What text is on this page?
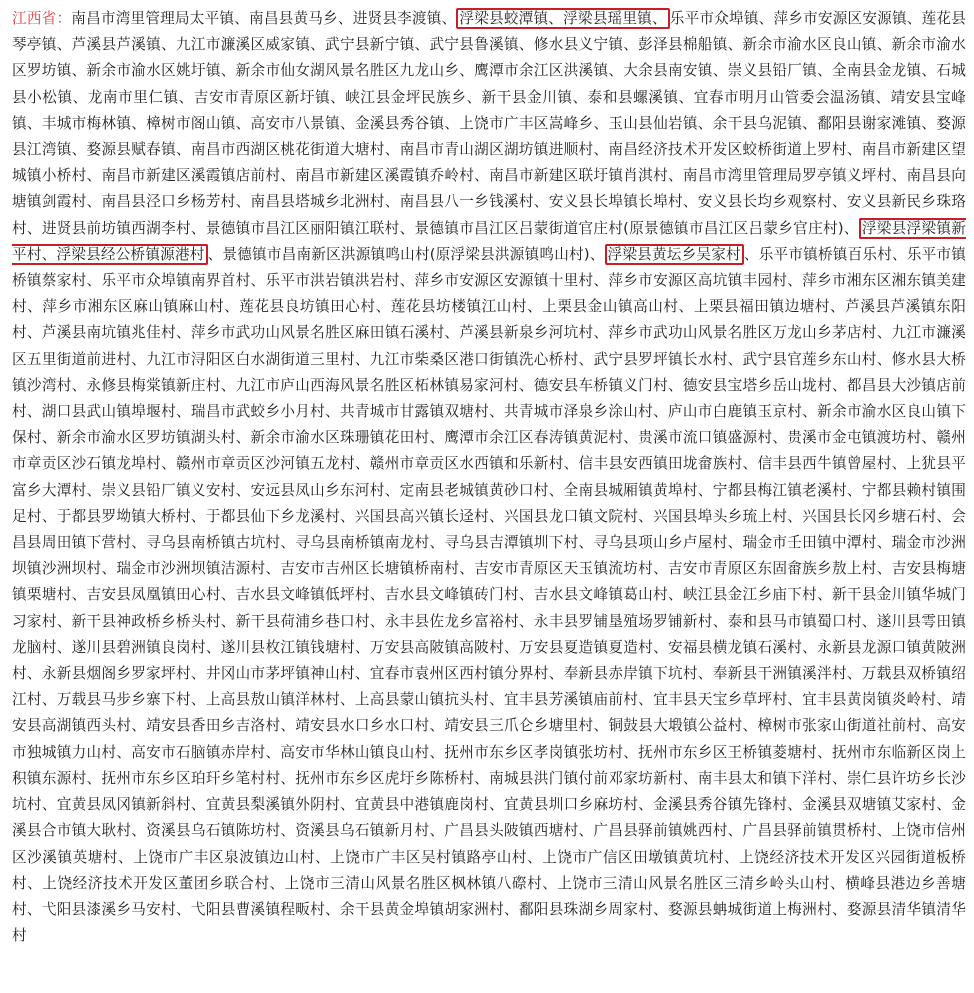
江西省：南昌市湾里管理局太平镇、南昌县黄马乡、进贤县李渡镇、 浮梁县蛟潭镇、浮梁县瑶里镇、 乐平市众埠镇、萍乡市安源区安源镇、莲花县琴亭镇、芦溪县芦溪镇、九江市濂溪区威家镇、武宁县新宁镇、武宁县鲁溪镇、修水县义宁镇、彭泽县棉船镇、新余市渝水区良山镇、新余市渝水区罗坊镇、新余市渝水区姚圩镇、新余市仙女湖风景名胜区九龙山乡、鹰潭市余江区洪溪镇、大余县南安镇、崇义县铅厂镇、全南县金龙镇、石城县小松镇、龙南市里仁镇、吉安市青原区新圩镇、峡江县金坪民族乡、新干县金川镇、泰和县螺溪镇、宜春市明月山管委会温汤镇、靖安县宝峰镇、丰城市梅林镇、樟树市阁山镇、高安市八景镇、金溪县秀谷镇、上饶市广丰区嵩峰乡、玉山县仙岩镇、余干县乌泥镇、鄱阳县谢家滩镇、婺源县江湾镇、婺源县赋春镇、南昌市西湖区桃花街道大塘村、南昌市青山湖区湖坊镇进顺村、南昌经济技术开发区蛟桥街道上罗村、南昌市新建区望城镇小桥村、南昌市新建区溪霞镇店前村、南昌市新建区溪霞镇乔岭村、南昌市新建区联圩镇肖淇村、南昌市湾里管理局罗亭镇义坪村、南昌县向塘镇剑霞村、南昌县泾口乡杨芳村、南昌县塔城乡北洲村、南昌县八一乡钱溪村、安义县长埠镇长埠村、安义县长均乡观察村、安义县新民乡珠珞村、进贤县前坊镇西湖李村、景德镇市昌江区丽阳镇江联村、景德镇市昌江区吕蒙街道官庄村(原景德镇市昌江区吕蒙乡官庄村)、 浮梁县浮梁镇新平村、浮梁县经公桥镇源港村 、景德镇市昌南新区洪源镇鸣山村(原浮梁县洪源镇鸣山村)、 浮梁县黄坛乡吴家村 、乐平市镇桥镇百乐村、乐平市镇桥镇蔡家村、乐平市众埠镇南界首村、乐平市洪岩镇洪岩村、萍乡市安源区安源镇十里村、萍乡市安源区高坑镇丰园村、萍乡市湘东区湘东镇美建村、萍乡市湘东区麻山镇麻山村、莲花县良坊镇田心村、莲花县坊楼镇江山村、上栗县金山镇高山村、上栗县福田镇边塘村、芦溪县芦溪镇东阳村、芦溪县南坑镇兆佳村、萍乡市武功山风景名胜区麻田镇石溪村、芦溪县新泉乡河坑村、萍乡市武功山风景名胜区万龙山乡茅店村、九江市濂溪区五里街道前进村、九江市浔阳区白水湖街道三里村、九江市柴桑区港口街镇洗心桥村、武宁县罗坪镇长水村、武宁县官莲乡东山村、修水县大桥镇沙湾村、永修县梅棠镇新庄村、九江市庐山西海风景名胜区柘林镇易家河村、德安县车桥镇义门村、德安县宝塔乡岳山垅村、都昌县大沙镇店前村、湖口县武山镇埠堰村、瑞昌市武蛟乡小月村、共青城市甘露镇双塘村、共青城市泽泉乡涂山村、庐山市白鹿镇玉京村、新余市渝水区良山镇下保村、新余市渝水区罗坊镇湖头村、新余市渝水区珠珊镇花田村、鹰潭市余江区春涛镇黄泥村、贵溪市流口镇盛源村、贵溪市金屯镇渡坊村、赣州市章贡区沙石镇龙埠村、赣州市章贡区沙河镇五龙村、赣州市章贡区水西镇和乐新村、信丰县安西镇田垅畲族村、信丰县西牛镇曾屋村、上犹县平富乡大潭村、崇义县铅厂镇义安村、安远县凤山乡东河村、定南县老城镇黄砂口村、全南县城厢镇黄埠村、宁都县梅江镇老溪村、宁都县赖村镇围足村、于都县罗坳镇大桥村、于都县仙下乡龙溪村、兴国县高兴镇长迳村、兴国县龙口镇文院村、兴国县埠头乡琉上村、兴国县长冈乡塘石村、会昌县周田镇下营村、寻乌县南桥镇古坑村、寻乌县南桥镇南龙村、寻乌县吉潭镇圳下村、寻乌县项山乡卢屋村、瑞金市壬田镇中潭村、瑞金市沙洲坝镇沙洲坝村、瑞金市沙洲坝镇洁源村、吉安市吉州区长塘镇桥南村、吉安市青原区天玉镇流坊村、吉安市青原区东固畲族乡敖上村、吉安县梅塘镇栗塘村、吉安县凤凰镇田心村、吉水县文峰镇低坪村、吉水县文峰镇砖门村、吉水县文峰镇葛山村、峡江县金江乡庙下村、新干县金川镇华城门习家村、新干县神政桥乡桥头村、新干县荷浦乡巷口村、永丰县佐龙乡富裕村、永丰县罗铺垦殖场罗铺新村、泰和县马市镇蜀口村、遂川县雩田镇龙脑村、遂川县碧洲镇良岗村、遂川县枚江镇钱塘村、万安县高陂镇高陂村、万安县夏造镇夏造村、安福县横龙镇石溪村、永新县龙源口镇黄陂洲村、永新县烟阁乡罗家坪村、井冈山市茅坪镇神山村、宜春市袁州区西村镇分界村、奉新县赤岸镇下坑村、奉新县干洲镇溪泮村、万载县双桥镇绍江村、万载县马步乡寨下村、上高县敖山镇洋林村、上高县蒙山镇抗头村、宜丰县芳溪镇庙前村、宜丰县天宝乡草坪村、宜丰县黄岗镇炎岭村、靖安县高湖镇西头村、靖安县香田乡吉洛村、靖安县水口乡水口村、靖安县三爪仑乡塘里村、铜鼓县大塅镇公益村、樟树市张家山街道社前村、高安市独城镇力山村、高安市石脑镇赤岸村、高安市华林山镇良山村、抚州市东乡区孝岗镇张坊村、抚州市东乡区王桥镇菱塘村、抚州市东临新区岗上积镇东源村、抚州市东乡区珀玕乡笔村村、抚州市东乡区虎圩乡陈桥村、南城县洪门镇付前邓家坊新村、南丰县太和镇下洋村、崇仁县许坊乡长沙坑村、宜黄县凤冈镇新斜村、宜黄县梨溪镇外阴村、宜黄县中港镇鹿岗村、宜黄县圳口乡麻坊村、金溪县秀谷镇先锋村、金溪县双塘镇艾家村、金溪县合市镇大耿村、资溪县乌石镇陈坊村、资溪县乌石镇新月村、广昌县头陂镇西塘村、广昌县驿前镇姚西村、广昌县驿前镇贯桥村、上饶市信州区沙溪镇英塘村、上饶市广丰区泉波镇边山村、上饶市广丰区吴村镇路亭山村、上饶市广信区田墩镇黄坑村、上饶经济技术开发区兴园街道板桥村、上饶经济技术开发区董团乡联合村、上饶市三清山风景名胜区枫林镇八磜村、上饶市三清山风景名胜区三清乡岭头山村、横峰县港边乡善塘村、弋阳县漆溪乡马安村、弋阳县曹溪镇程畈村、余干县黄金埠镇胡家洲村、鄱阳县珠湖乡周家村、婺源县蚺城街道上梅洲村、婺源县清华镇清华村
